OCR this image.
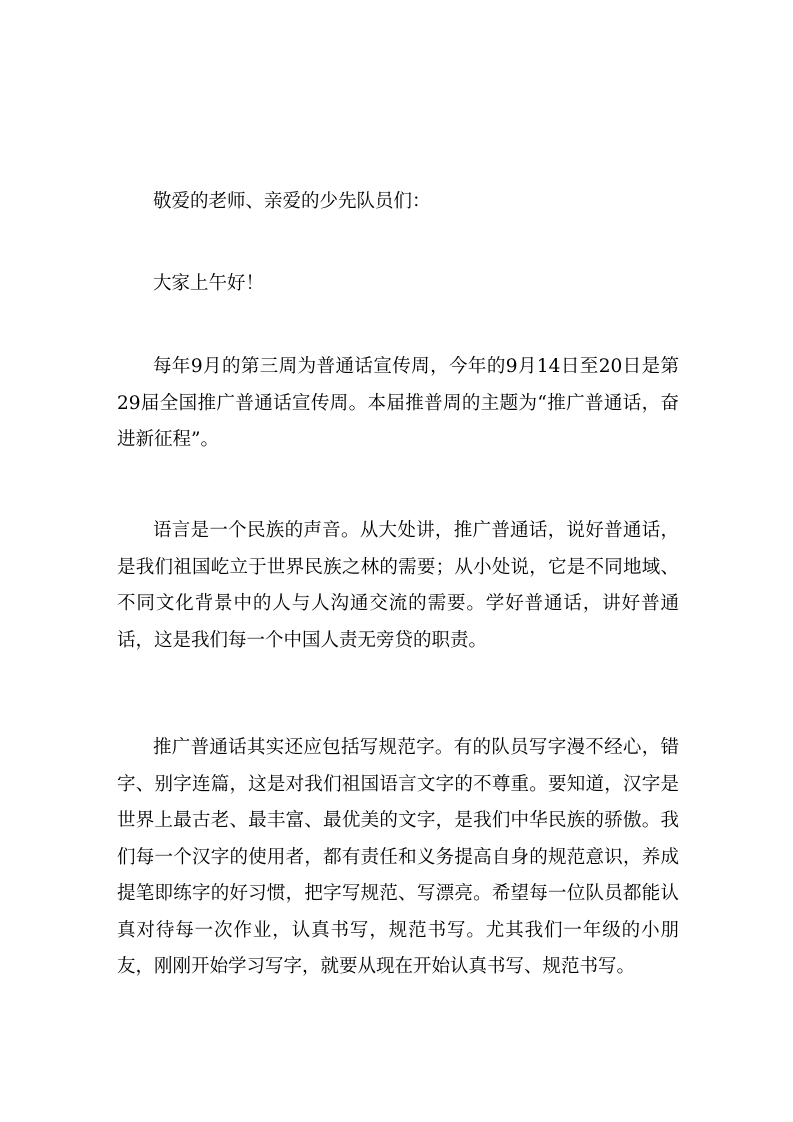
敬爱的老师、亲爱的少先队员们：

大家上午好！

每年9月的第三周为普通话宣传周，今年的9月14日至20日是第29届全国推广普通话宣传周。本届推普周的主题为“推广普通话，奋进新征程”。

语言是一个民族的声音。从大处讲，推广普通话，说好普通话，是我们祖国屹立于世界民族之林的需要；从小处说，它是不同地域、不同文化背景中的人与人沟通交流的需要。学好普通话，讲好普通话，这是我们每一个中国人责无旁贷的职责。

推广普通话其实还应包括写规范字。有的队员写字漫不经心，错字、别字连篇，这是对我们祖国语言文字的不尊重。要知道，汉字是世界上最古老、最丰富、最优美的文字，是我们中华民族的骄傲。我们每一个汉字的使用者，都有责任和义务提高自身的规范意识，养成提笔即练字的好习惯，把字写规范、写漂亮。希望每一位队员都能认真对待每一次作业，认真书写，规范书写。尤其我们一年级的小朋友，刚刚开始学习写字，就要从现在开始认真书写、规范书写。
